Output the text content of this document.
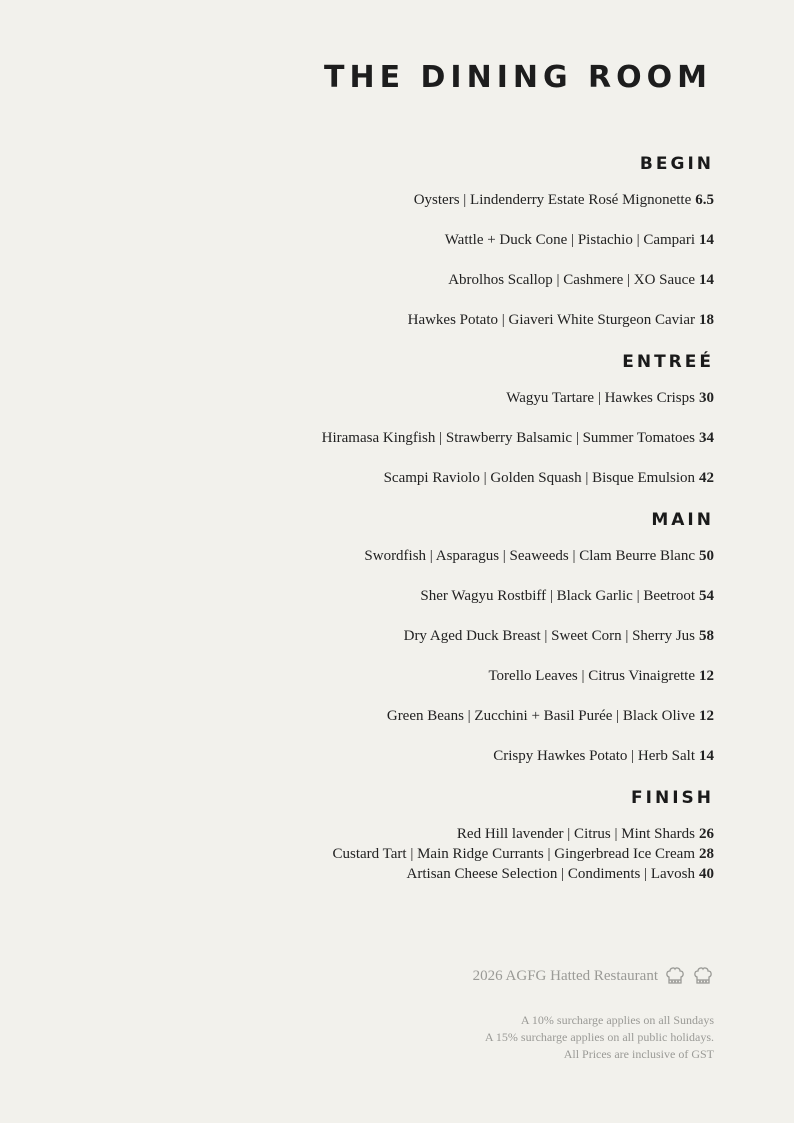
THE DINING ROOM
BEGIN
Oysters | Lindenderry Estate Rosé Mignonette 6.5
Wattle + Duck Cone | Pistachio | Campari 14
Abrolhos Scallop | Cashmere | XO Sauce 14
Hawkes Potato | Giaveri White Sturgeon Caviar 18
ENTREÉ
Wagyu Tartare | Hawkes Crisps 30
Hiramasa Kingfish | Strawberry Balsamic | Summer Tomatoes 34
Scampi Raviolo | Golden Squash | Bisque Emulsion 42
MAIN
Swordfish | Asparagus | Seaweeds | Clam Beurre Blanc 50
Sher Wagyu Rostbiff | Black Garlic | Beetroot 54
Dry Aged Duck Breast | Sweet Corn | Sherry Jus 58
Torello Leaves | Citrus Vinaigrette 12
Green Beans | Zucchini + Basil Purée | Black Olive 12
Crispy Hawkes Potato | Herb Salt 14
FINISH
Red Hill lavender | Citrus | Mint Shards 26
Custard Tart | Main Ridge Currants | Gingerbread Ice Cream 28
Artisan Cheese Selection | Condiments | Lavosh 40
2026 AGFG Hatted Restaurant
A 10% surcharge applies on all Sundays
A 15% surcharge applies on all public holidays.
All Prices are inclusive of GST
